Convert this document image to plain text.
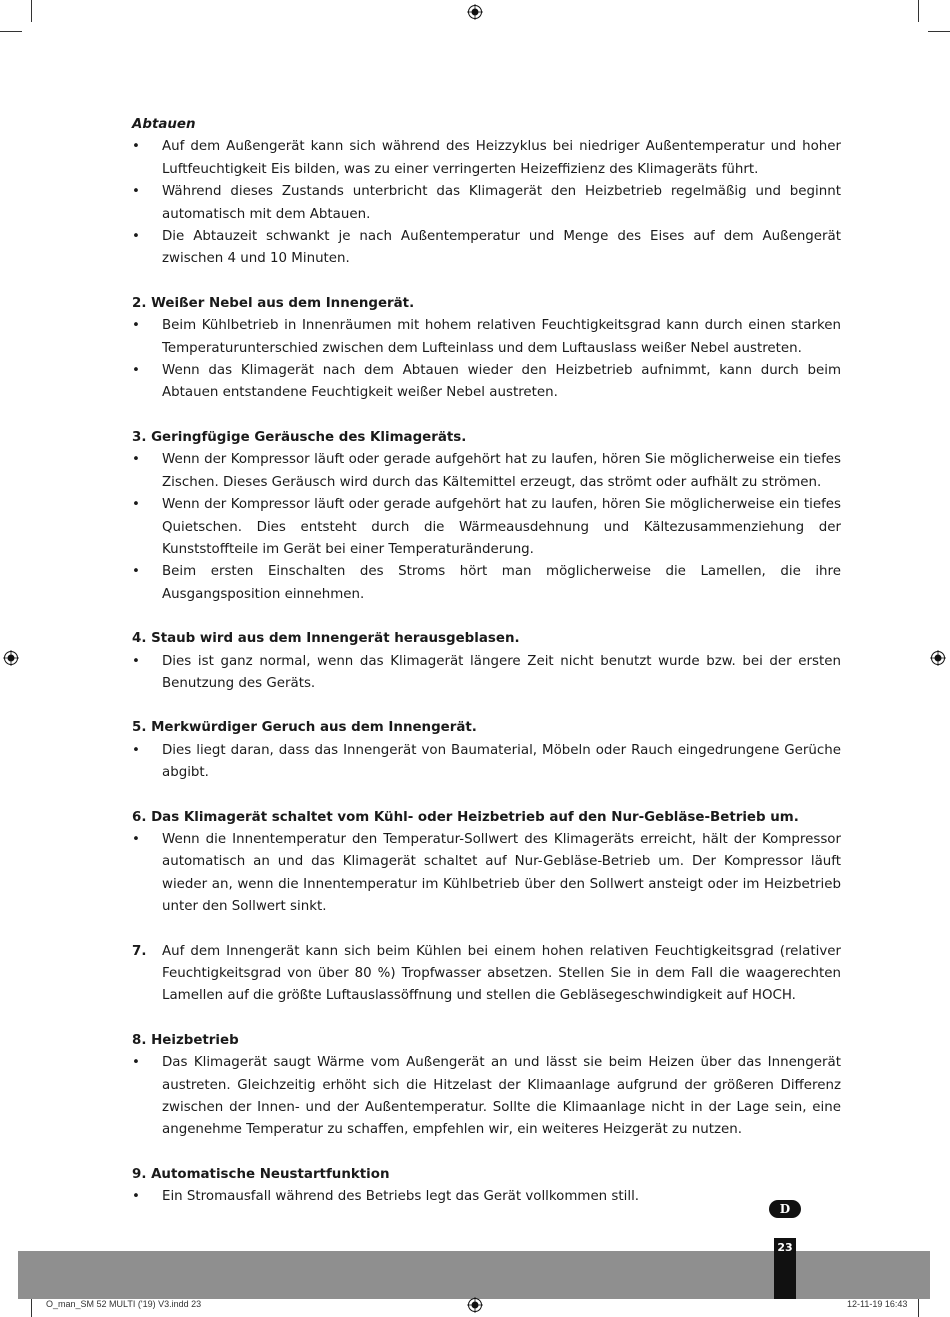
Abtauen
•	Auf dem Außengerät kann sich während des Heizzyklus bei niedriger Außentemperatur und hoher Luftfeuchtigkeit Eis bilden, was zu einer verringerten Heizeffizienz des Klimageräts führt.
•	Während dieses Zustands unterbricht das Klimagerät den Heizbetrieb regelmäßig und beginnt automatisch mit dem Abtauen.
•	Die Abtauzeit schwankt je nach Außentemperatur und Menge des Eises auf dem Außengerät zwischen 4 und 10 Minuten.
2. Weißer Nebel aus dem Innengerät.
•	Beim Kühlbetrieb in Innenräumen mit hohem relativen Feuchtigkeitsgrad kann durch einen starken Temperaturunterschied zwischen dem Lufteinlass und dem Luftauslass weißer Nebel austreten.
•	Wenn das Klimagerät nach dem Abtauen wieder den Heizbetrieb aufnimmt, kann durch beim Abtauen entstandene Feuchtigkeit weißer Nebel austreten.
3. Geringfügige Geräusche des Klimageräts.
•	Wenn der Kompressor läuft oder gerade aufgehört hat zu laufen, hören Sie möglicherweise ein tiefes Zischen. Dieses Geräusch wird durch das Kältemittel erzeugt, das strömt oder aufhält zu strömen.
•	Wenn der Kompressor läuft oder gerade aufgehört hat zu laufen, hören Sie möglicherweise ein tiefes Quietschen. Dies entsteht durch die Wärmeausdehnung und Kältezusammenziehung der Kunststoffteile im Gerät bei einer Temperaturänderung.
•	Beim ersten Einschalten des Stroms hört man möglicherweise die Lamellen, die ihre Ausgangsposition einnehmen.
4. Staub wird aus dem Innengerät herausgeblasen.
•	Dies ist ganz normal, wenn das Klimagerät längere Zeit nicht benutzt wurde bzw. bei der ersten Benutzung des Geräts.
5. Merkwürdiger Geruch aus dem Innengerät.
•	Dies liegt daran, dass das Innengerät von Baumaterial, Möbeln oder Rauch eingedrungene Gerüche abgibt.
6. Das Klimagerät schaltet vom Kühl- oder Heizbetrieb auf den Nur-Gebläse-Betrieb um.
•	Wenn die Innentemperatur den Temperatur-Sollwert des Klimageräts erreicht, hält der Kompressor automatisch an und das Klimagerät schaltet auf Nur-Gebläse-Betrieb um. Der Kompressor läuft wieder an, wenn die Innentemperatur im Kühlbetrieb über den Sollwert ansteigt oder im Heizbetrieb unter den Sollwert sinkt.
7.	Auf dem Innengerät kann sich beim Kühlen bei einem hohen relativen Feuchtigkeitsgrad (relativer Feuchtigkeitsgrad von über 80 %) Tropfwasser absetzen. Stellen Sie in dem Fall die waagerechten Lamellen auf die größte Luftauslassöffnung und stellen die Gebläsegeschwindigkeit auf HOCH.
8. Heizbetrieb
•	Das Klimagerät saugt Wärme vom Außengerät an und lässt sie beim Heizen über das Innengerät austreten. Gleichzeitig erhöht sich die Hitzelast der Klimaanlage aufgrund der größeren Differenz zwischen der Innen- und der Außentemperatur. Sollte die Klimaanlage nicht in der Lage sein, eine angenehme Temperatur zu schaffen, empfehlen wir, ein weiteres Heizgerät zu nutzen.
9. Automatische Neustartfunktion
•	Ein Stromausfall während des Betriebs legt das Gerät vollkommen still.
D
23
O_man_SM 52 MULTI ('19) V3.indd 23	12-11-19 16:43
